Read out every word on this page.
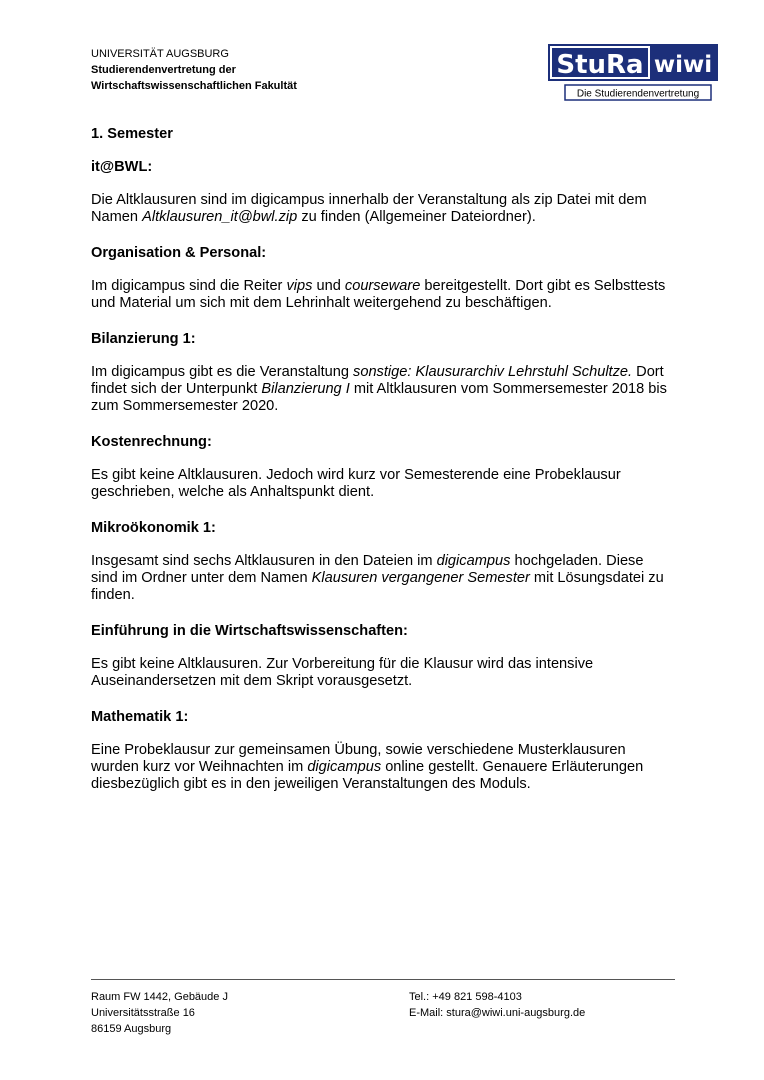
UNIVERSITÄT AUGSBURG
Studierendenvertretung der
Wirtschaftswissenschaftlichen Fakultät
StuRa wiwi
Die Studierendenvertretung
1. Semester
it@BWL:

Die Altklausuren sind im digicampus innerhalb der Veranstaltung als zip Datei mit dem Namen Altklausuren_it@bwl.zip zu finden (Allgemeiner Dateiordner).

Organisation & Personal:

Im digicampus sind die Reiter vips und courseware bereitgestellt. Dort gibt es Selbsttests und Material um sich mit dem Lehrinhalt weitergehend zu beschäftigen.

Bilanzierung 1:

Im digicampus gibt es die Veranstaltung sonstige: Klausurarchiv Lehrstuhl Schultze. Dort findet sich der Unterpunkt Bilanzierung I mit Altklausuren vom Sommersemester 2018 bis zum Sommersemester 2020.

Kostenrechnung:

Es gibt keine Altklausuren. Jedoch wird kurz vor Semesterende eine Probeklausur geschrieben, welche als Anhaltspunkt dient.

Mikroökonomik 1:

Insgesamt sind sechs Altklausuren in den Dateien im digicampus hochgeladen. Diese sind im Ordner unter dem Namen Klausuren vergangener Semester mit Lösungsdatei zu finden.

Einführung in die Wirtschaftswissenschaften:

Es gibt keine Altklausuren. Zur Vorbereitung für die Klausur wird das intensive Auseinandersetzen mit dem Skript vorausgesetzt.

Mathematik 1:

Eine Probeklausur zur gemeinsamen Übung, sowie verschiedene Musterklausuren wurden kurz vor Weihnachten im digicampus online gestellt. Genauere Erläuterungen diesbezüglich gibt es in den jeweiligen Veranstaltungen des Moduls.

Raum FW 1442, Gebäude J
Universitätsstraße 16
86159 Augsburg
Tel.: +49 821 598-4103
E-Mail: stura@wiwi.uni-augsburg.de
